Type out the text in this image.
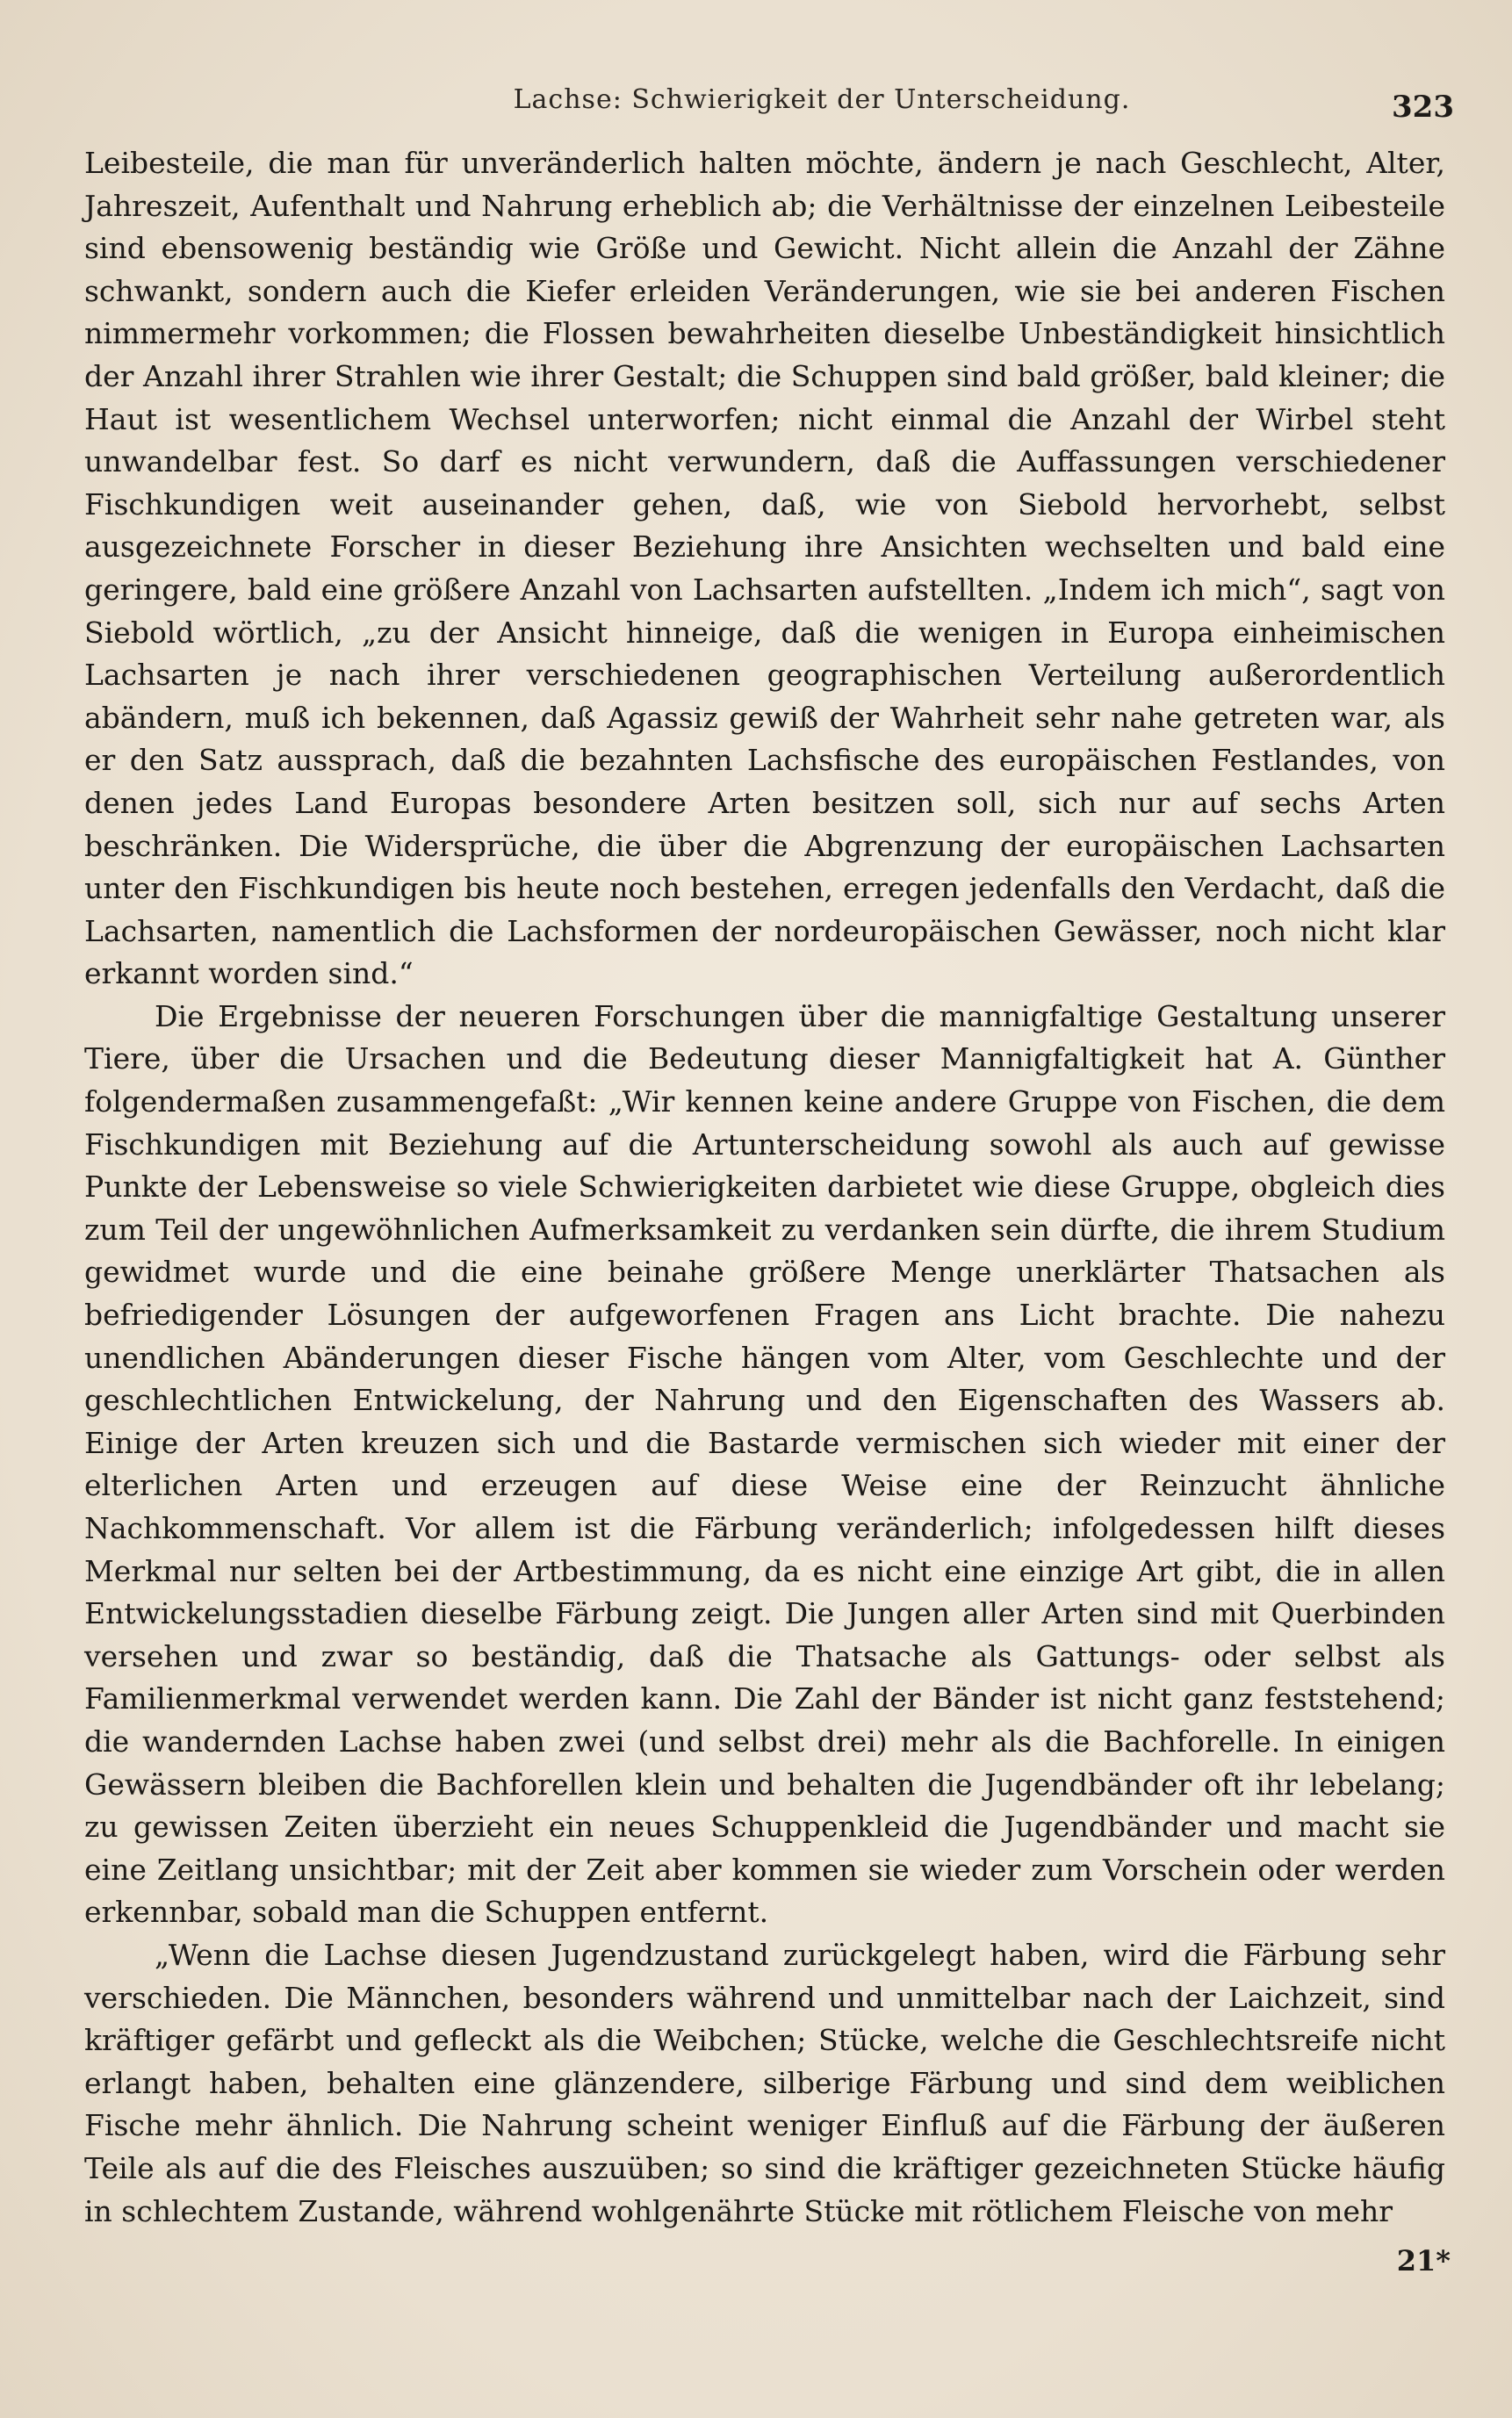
Lachse: Schwierigkeit der Unterscheidung.	323

Leibesteile, die man für unveränderlich halten möchte, ändern je nach Geschlecht, Alter, Jahreszeit, Aufenthalt und Nahrung erheblich ab; die Verhältnisse der einzelnen Leibesteile sind ebensowenig beständig wie Größe und Gewicht. Nicht allein die Anzahl der Zähne schwankt, sondern auch die Kiefer erleiden Veränderungen, wie sie bei anderen Fischen nimmermehr vorkommen; die Flossen bewahrheiten dieselbe Unbeständigkeit hinsichtlich der Anzahl ihrer Strahlen wie ihrer Gestalt; die Schuppen sind bald größer, bald kleiner; die Haut ist wesentlichem Wechsel unterworfen; nicht einmal die Anzahl der Wirbel steht unwandelbar fest. So darf es nicht verwundern, daß die Auffassungen verschiedener Fischkundigen weit auseinander gehen, daß, wie von Siebold hervorhebt, selbst ausgezeichnete Forscher in dieser Beziehung ihre Ansichten wechselten und bald eine geringere, bald eine größere Anzahl von Lachsarten aufstellten. „Indem ich mich“, sagt von Siebold wörtlich, „zu der Ansicht hinneige, daß die wenigen in Europa einheimischen Lachsarten je nach ihrer verschiedenen geographischen Verteilung außerordentlich abändern, muß ich bekennen, daß Agassiz gewiß der Wahrheit sehr nahe getreten war, als er den Satz aussprach, daß die bezahnten Lachsfische des europäischen Festlandes, von denen jedes Land Europas besondere Arten besitzen soll, sich nur auf sechs Arten beschränken. Die Widersprüche, die über die Abgrenzung der europäischen Lachsarten unter den Fischkundigen bis heute noch bestehen, erregen jedenfalls den Verdacht, daß die Lachsarten, namentlich die Lachsformen der nordeuropäischen Gewässer, noch nicht klar erkannt worden sind.“

Die Ergebnisse der neueren Forschungen über die mannigfaltige Gestaltung unserer Tiere, über die Ursachen und die Bedeutung dieser Mannigfaltigkeit hat A. Günther folgendermaßen zusammengefaßt: „Wir kennen keine andere Gruppe von Fischen, die dem Fischkundigen mit Beziehung auf die Artunterscheidung sowohl als auch auf gewisse Punkte der Lebensweise so viele Schwierigkeiten darbietet wie diese Gruppe, obgleich dies zum Teil der ungewöhnlichen Aufmerksamkeit zu verdanken sein dürfte, die ihrem Studium gewidmet wurde und die eine beinahe größere Menge unerklärter Thatsachen als befriedigender Lösungen der aufgeworfenen Fragen ans Licht brachte. Die nahezu unendlichen Abänderungen dieser Fische hängen vom Alter, vom Geschlechte und der geschlechtlichen Entwickelung, der Nahrung und den Eigenschaften des Wassers ab. Einige der Arten kreuzen sich und die Bastarde vermischen sich wieder mit einer der elterlichen Arten und erzeugen auf diese Weise eine der Reinzucht ähnliche Nachkommenschaft. Vor allem ist die Färbung veränderlich; infolgedessen hilft dieses Merkmal nur selten bei der Artbestimmung, da es nicht eine einzige Art gibt, die in allen Entwickelungsstadien dieselbe Färbung zeigt. Die Jungen aller Arten sind mit Querbinden versehen und zwar so beständig, daß die Thatsache als Gattungs- oder selbst als Familienmerkmal verwendet werden kann. Die Zahl der Bänder ist nicht ganz feststehend; die wandernden Lachse haben zwei (und selbst drei) mehr als die Bachforelle. In einigen Gewässern bleiben die Bachforellen klein und behalten die Jugendbänder oft ihr lebelang; zu gewissen Zeiten überzieht ein neues Schuppenkleid die Jugendbänder und macht sie eine Zeitlang unsichtbar; mit der Zeit aber kommen sie wieder zum Vorschein oder werden erkennbar, sobald man die Schuppen entfernt.

„Wenn die Lachse diesen Jugendzustand zurückgelegt haben, wird die Färbung sehr verschieden. Die Männchen, besonders während und unmittelbar nach der Laichzeit, sind kräftiger gefärbt und gefleckt als die Weibchen; Stücke, welche die Geschlechtsreife nicht erlangt haben, behalten eine glänzendere, silberige Färbung und sind dem weiblichen Fische mehr ähnlich. Die Nahrung scheint weniger Einfluß auf die Färbung der äußeren Teile als auf die des Fleisches auszuüben; so sind die kräftiger gezeichneten Stücke häufig in schlechtem Zustande, während wohlgenährte Stücke mit rötlichem Fleische von mehr

21*
